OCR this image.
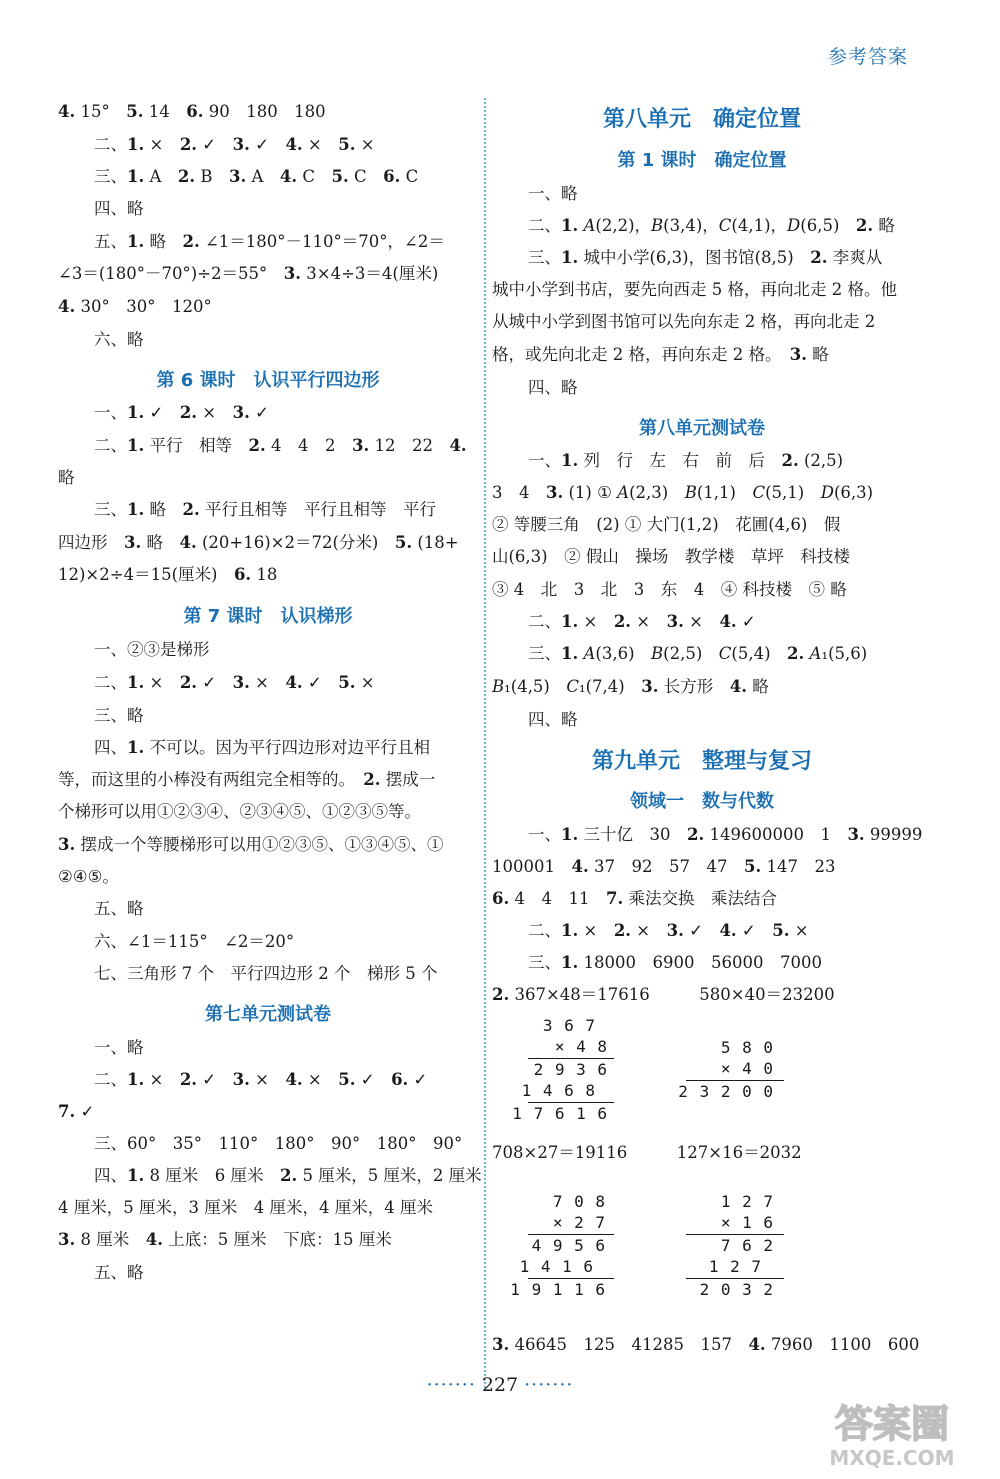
参考答案
4. 15°　5. 14　6. 90　180　180
二、1. ×　2. ✓　3. ✓　4. ×　5. ×
三、1. A　2. B　3. A　4. C　5. C　6. C
四、略
五、1. 略　2. ∠1＝180°－110°＝70°，∠2＝
∠3＝(180°－70°)÷2＝55°　3. 3×4÷3＝4(厘米)
4. 30°　30°　120°
六、略
一、1. ✓　2. ×　3. ✓
二、1. 平行　相等　2. 4　4　2　3. 12　22　4.
略
三、1. 略　2. 平行且相等　平行且相等　平行
四边形　3. 略　4. (20+16)×2＝72(分米)　5. (18+
12)×2÷4＝15(厘米)　6. 18
一、②③是梯形
二、1. ×　2. ✓　3. ×　4. ✓　5. ×
三、略
四、1. 不可以。因为平行四边形对边平行且相
等，而这里的小棒没有两组完全相等的。　2. 摆成一
个梯形可以用①②③④、②③④⑤、①②③⑤等。
3. 摆成一个等腰梯形可以用①②③⑤、①③④⑤、①
②④⑤。
五、略
六、∠1＝115°　∠2＝20°
七、三角形 7 个　平行四边形 2 个　梯形 5 个
一、略
二、1. ×　2. ✓　3. ×　4. ×　5. ✓　6. ✓
7. ✓
三、60°　35°　110°　180°　90°　180°　90°
四、1. 8 厘米　6 厘米　2. 5 厘米，5 厘米，2 厘米
4 厘米，5 厘米，3 厘米　4 厘米，4 厘米，4 厘米
3. 8 厘米　4. 上底：5 厘米　下底：15 厘米
五、略
第 6 课时　认识平行四边形
第 7 课时　认识梯形
第七单元测试卷
一、略
二、1. A(2,2)，B(3,4)，C(4,1)，D(6,5)　2. 略
三、1. 城中小学(6,3)，图书馆(8,5)　2. 李爽从
城中小学到书店，要先向西走 5 格，再向北走 2 格。他
从城中小学到图书馆可以先向东走 2 格，再向北走 2
格，或先向北走 2 格，再向东走 2 格。　3. 略
四、略
一、1. 列　行　左　右　前　后　2. (2,5)
3　4　3. (1) ① A(2,3)　B(1,1)　C(5,1)　D(6,3)
② 等腰三角　(2) ① 大门(1,2)　花圃(4,6)　假
山(6,3)　② 假山　操场　教学楼　草坪　科技楼
③ 4　北　3　北　3　东　4　④ 科技楼　⑤ 略
二、1. ×　2. ×　3. ×　4. ✓
三、1. A(3,6)　B(2,5)　C(5,4)　2. A₁(5,6)
B₁(4,5)　C₁(7,4)　3. 长方形　4. 略
四、略
一、1. 三十亿　30　2. 149600000　1　3. 99999
100001　4. 37　92　57　47　5. 147　23
6. 4　4　11　7. 乘法交换　乘法结合
二、1. ×　2. ×　3. ✓　4. ✓　5. ×
三、1. 18000　6900　56000　7000
2. 367×48＝17616　　　580×40＝23200
708×27＝19116　　　127×16＝2032
3. 46645　125　41285　157　4. 7960　1100　600
第八单元　确定位置
第 1 课时　确定位置
第八单元测试卷
第九单元　整理与复习
领域一　数与代数
3 6 7
× 4 8
2 9 3 6
1 4 6 8
1 7 6 1 6
5 8 0
× 4 0
2 3 2 0 0
7 0 8
× 2 7
4 9 5 6
1 4 1 6
1 9 1 1 6
1 2 7
× 1 6
7 6 2
1 2 7
2 0 3 2
······· 227 ·······
答案圈
MXQE.COM
